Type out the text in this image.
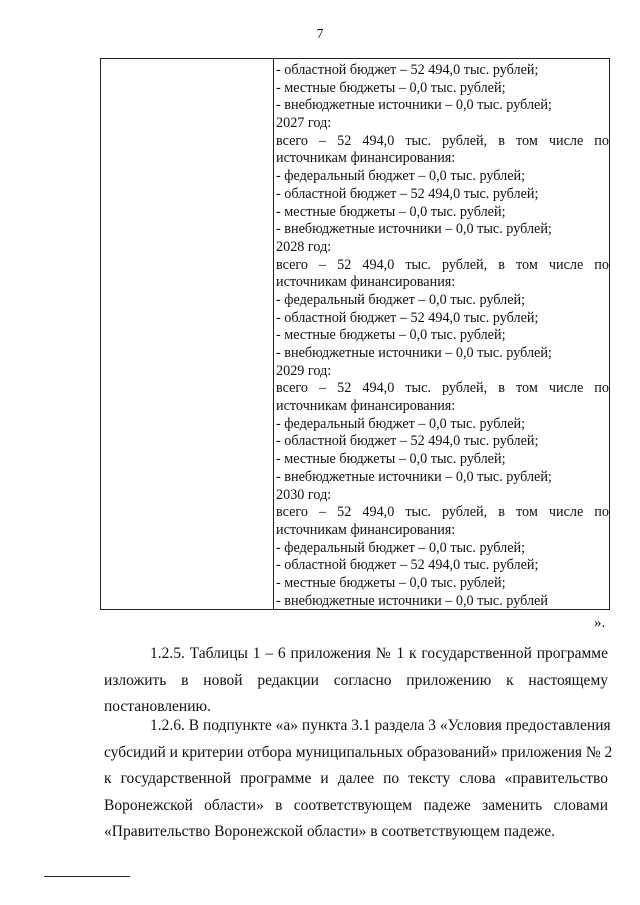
7
- областной бюджет – 52 494,0 тыс. рублей;
- местные бюджеты – 0,0 тыс. рублей;
- внебюджетные источники – 0,0 тыс. рублей;
2027 год:
всего – 52 494,0 тыс. рублей, в том числе по
источникам финансирования:
- федеральный бюджет – 0,0 тыс. рублей;
- областной бюджет – 52 494,0 тыс. рублей;
- местные бюджеты – 0,0 тыс. рублей;
- внебюджетные источники – 0,0 тыс. рублей;
2028 год:
всего – 52 494,0 тыс. рублей, в том числе по
источникам финансирования:
- федеральный бюджет – 0,0 тыс. рублей;
- областной бюджет – 52 494,0 тыс. рублей;
- местные бюджеты – 0,0 тыс. рублей;
- внебюджетные источники – 0,0 тыс. рублей;
2029 год:
всего – 52 494,0 тыс. рублей, в том числе по
источникам финансирования:
- федеральный бюджет – 0,0 тыс. рублей;
- областной бюджет – 52 494,0 тыс. рублей;
- местные бюджеты – 0,0 тыс. рублей;
- внебюджетные источники – 0,0 тыс. рублей;
2030 год:
всего – 52 494,0 тыс. рублей, в том числе по
источникам финансирования:
- федеральный бюджет – 0,0 тыс. рублей;
- областной бюджет – 52 494,0 тыс. рублей;
- местные бюджеты – 0,0 тыс. рублей;
- внебюджетные источники – 0,0 тыс. рублей
».

1.2.5. Таблицы 1 – 6 приложения № 1 к государственной программе
изложить в новой редакции согласно приложению к настоящему
постановлению.

1.2.6. В подпункте «а» пункта 3.1 раздела 3 «Условия предоставления
субсидий и критерии отбора муниципальных образований» приложения № 2
к государственной программе и далее по тексту слова «правительство
Воронежской области» в соответствующем падеже заменить словами
«Правительство Воронежской области» в соответствующем падеже.
